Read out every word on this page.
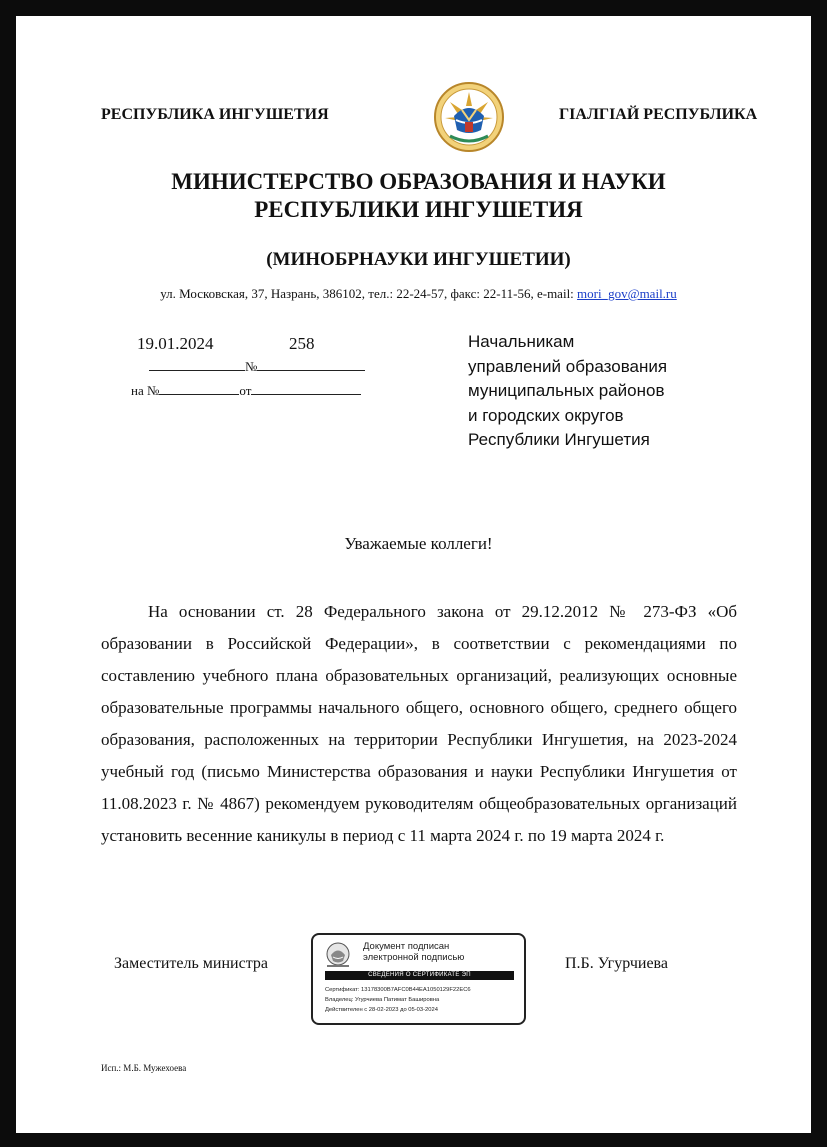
РЕСПУБЛИКА ИНГУШЕТИЯ	ГIАЛГIАЙ РЕСПУБЛИКА
МИНИСТЕРСТВО ОБРАЗОВАНИЯ И НАУКИ
РЕСПУБЛИКИ ИНГУШЕТИЯ
(МИНОБРНАУКИ ИНГУШЕТИИ)
ул. Московская, 37, Назрань, 386102, тел.: 22-24-57, факс: 22-11-56, e-mail: mori_gov@mail.ru
19.01.2024	258
№
на №	от
Начальникам
управлений образования
муниципальных районов
и городских округов
Республики Ингушетия
Уважаемые коллеги!

На основании ст. 28 Федерального закона от 29.12.2012 № 273-ФЗ «Об образовании в Российской Федерации», в соответствии с рекомендациями по составлению учебного плана образовательных организаций, реализующих основные образовательные программы начального общего, основного общего, среднего общего образования, расположенных на территории Республики Ингушетия, на 2023-2024 учебный год (письмо Министерства образования и науки Республики Ингушетия от 11.08.2023 г. № 4867) рекомендуем руководителям общеобразовательных организаций установить весенние каникулы в период с 11 марта 2024 г. по 19 марта 2024 г.

Заместитель министра
Документ подписан
электронной подписью
СВЕДЕНИЯ О СЕРТИФИКАТЕ ЭП
Сертификат: 13178300B7AFC0B44EA1050129F22EC6
Владелец: Угурчиева Патимат Башировна
Действителен с 28-02-2023 до 05-03-2024
П.Б. Угурчиева
Исп.: М.Б. Мужехоева
